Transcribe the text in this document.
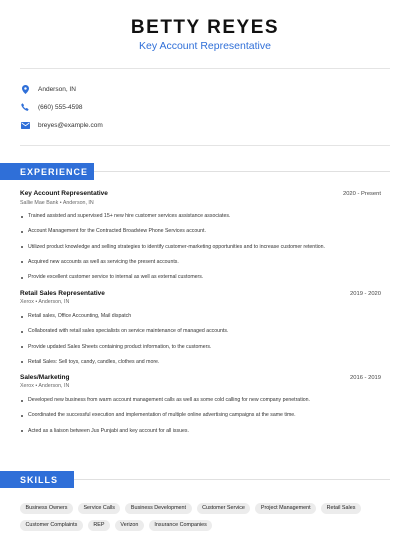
BETTY REYES
Key Account Representative
Anderson, IN
(660) 555-4598
breyes@example.com
EXPERIENCE
Key Account Representative	2020 - Present
Sallie Mae Bank • Anderson, IN
Trained assisted and supervised 15+ new hire customer services assistance associates.
Account Management for the Contracted Broadview Phone Services account.
Utilized product knowledge and selling strategies to identify customer-marketing opportunities and to increase customer retention.
Acquired new accounts as well as servicing the present accounts.
Provide excellent customer service to internal as well as external customers.
Retail Sales Representative	2019 - 2020
Xerox • Anderson, IN
Retail sales, Office Accounting, Mail dispatch
Collaborated with retail sales specialists on service maintenance of managed accounts.
Provide updated Sales Sheets containing product information, to the customers.
Retail Sales: Sell toys, candy, candles, clothes and more.
Sales/Marketing	2016 - 2019
Xerox • Anderson, IN
Developed new business from warm account management calls as well as some cold calling for new company penetration.
Coordinated the successful execution and implementation of multiple online advertising campaigns at the same time.
Acted as a liaison between Jus Punjabi and key account for all issues.
SKILLS
Business Owners	Service Calls	Business Development	Customer Service	Project Management	Retail Sales
Customer Complaints	REP	Verizon	Insurance Companies
